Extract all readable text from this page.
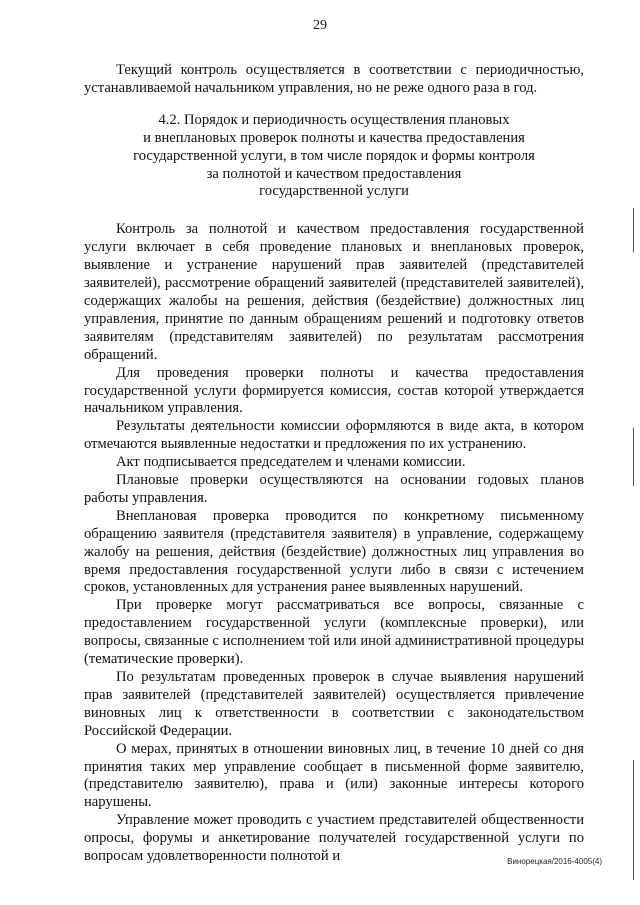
29

Текущий контроль осуществляется в соответствии с периодичностью, устанавливаемой начальником управления, но не реже одного раза в год.

4.2. Порядок и периодичность осуществления плановых
и внеплановых проверок полноты и качества предоставления
государственной услуги, в том числе порядок и формы контроля
за полнотой и качеством предоставления
государственной услуги

Контроль за полнотой и качеством предоставления государственной услуги включает в себя проведение плановых и внеплановых проверок, выявление и устранение нарушений прав заявителей (представителей заявителей), рассмотрение обращений заявителей (представителей заявителей), содержащих жалобы на решения, действия (бездействие) должностных лиц управления, принятие по данным обращениям решений и подготовку ответов заявителям (представителям заявителей) по результатам рассмотрения обращений.

Для проведения проверки полноты и качества предоставления государственной услуги формируется комиссия, состав которой утверждается начальником управления.

Результаты деятельности комиссии оформляются в виде акта, в котором отмечаются выявленные недостатки и предложения по их устранению.

Акт подписывается председателем и членами комиссии.

Плановые проверки осуществляются на основании годовых планов работы управления.

Внеплановая проверка проводится по конкретному письменному обращению заявителя (представителя заявителя) в управление, содержащему жалобу на решения, действия (бездействие) должностных лиц управления во время предоставления государственной услуги либо в связи с истечением сроков, установленных для устранения ранее выявленных нарушений.

При проверке могут рассматриваться все вопросы, связанные с предоставлением государственной услуги (комплексные проверки), или вопросы, связанные с исполнением той или иной административной процедуры (тематические проверки).

По результатам проведенных проверок в случае выявления нарушений прав заявителей (представителей заявителей) осуществляется привлечение виновных лиц к ответственности в соответствии с законодательством Российской Федерации.

О мерах, принятых в отношении виновных лиц, в течение 10 дней со дня принятия таких мер управление сообщает в письменной форме заявителю, (представителю заявителю), права и (или) законные интересы которого нарушены.

Управление может проводить с участием представителей общественности опросы, форумы и анкетирование получателей государственной услуги по вопросам удовлетворенности полнотой и	Винорецкая/2016-4005(4)
